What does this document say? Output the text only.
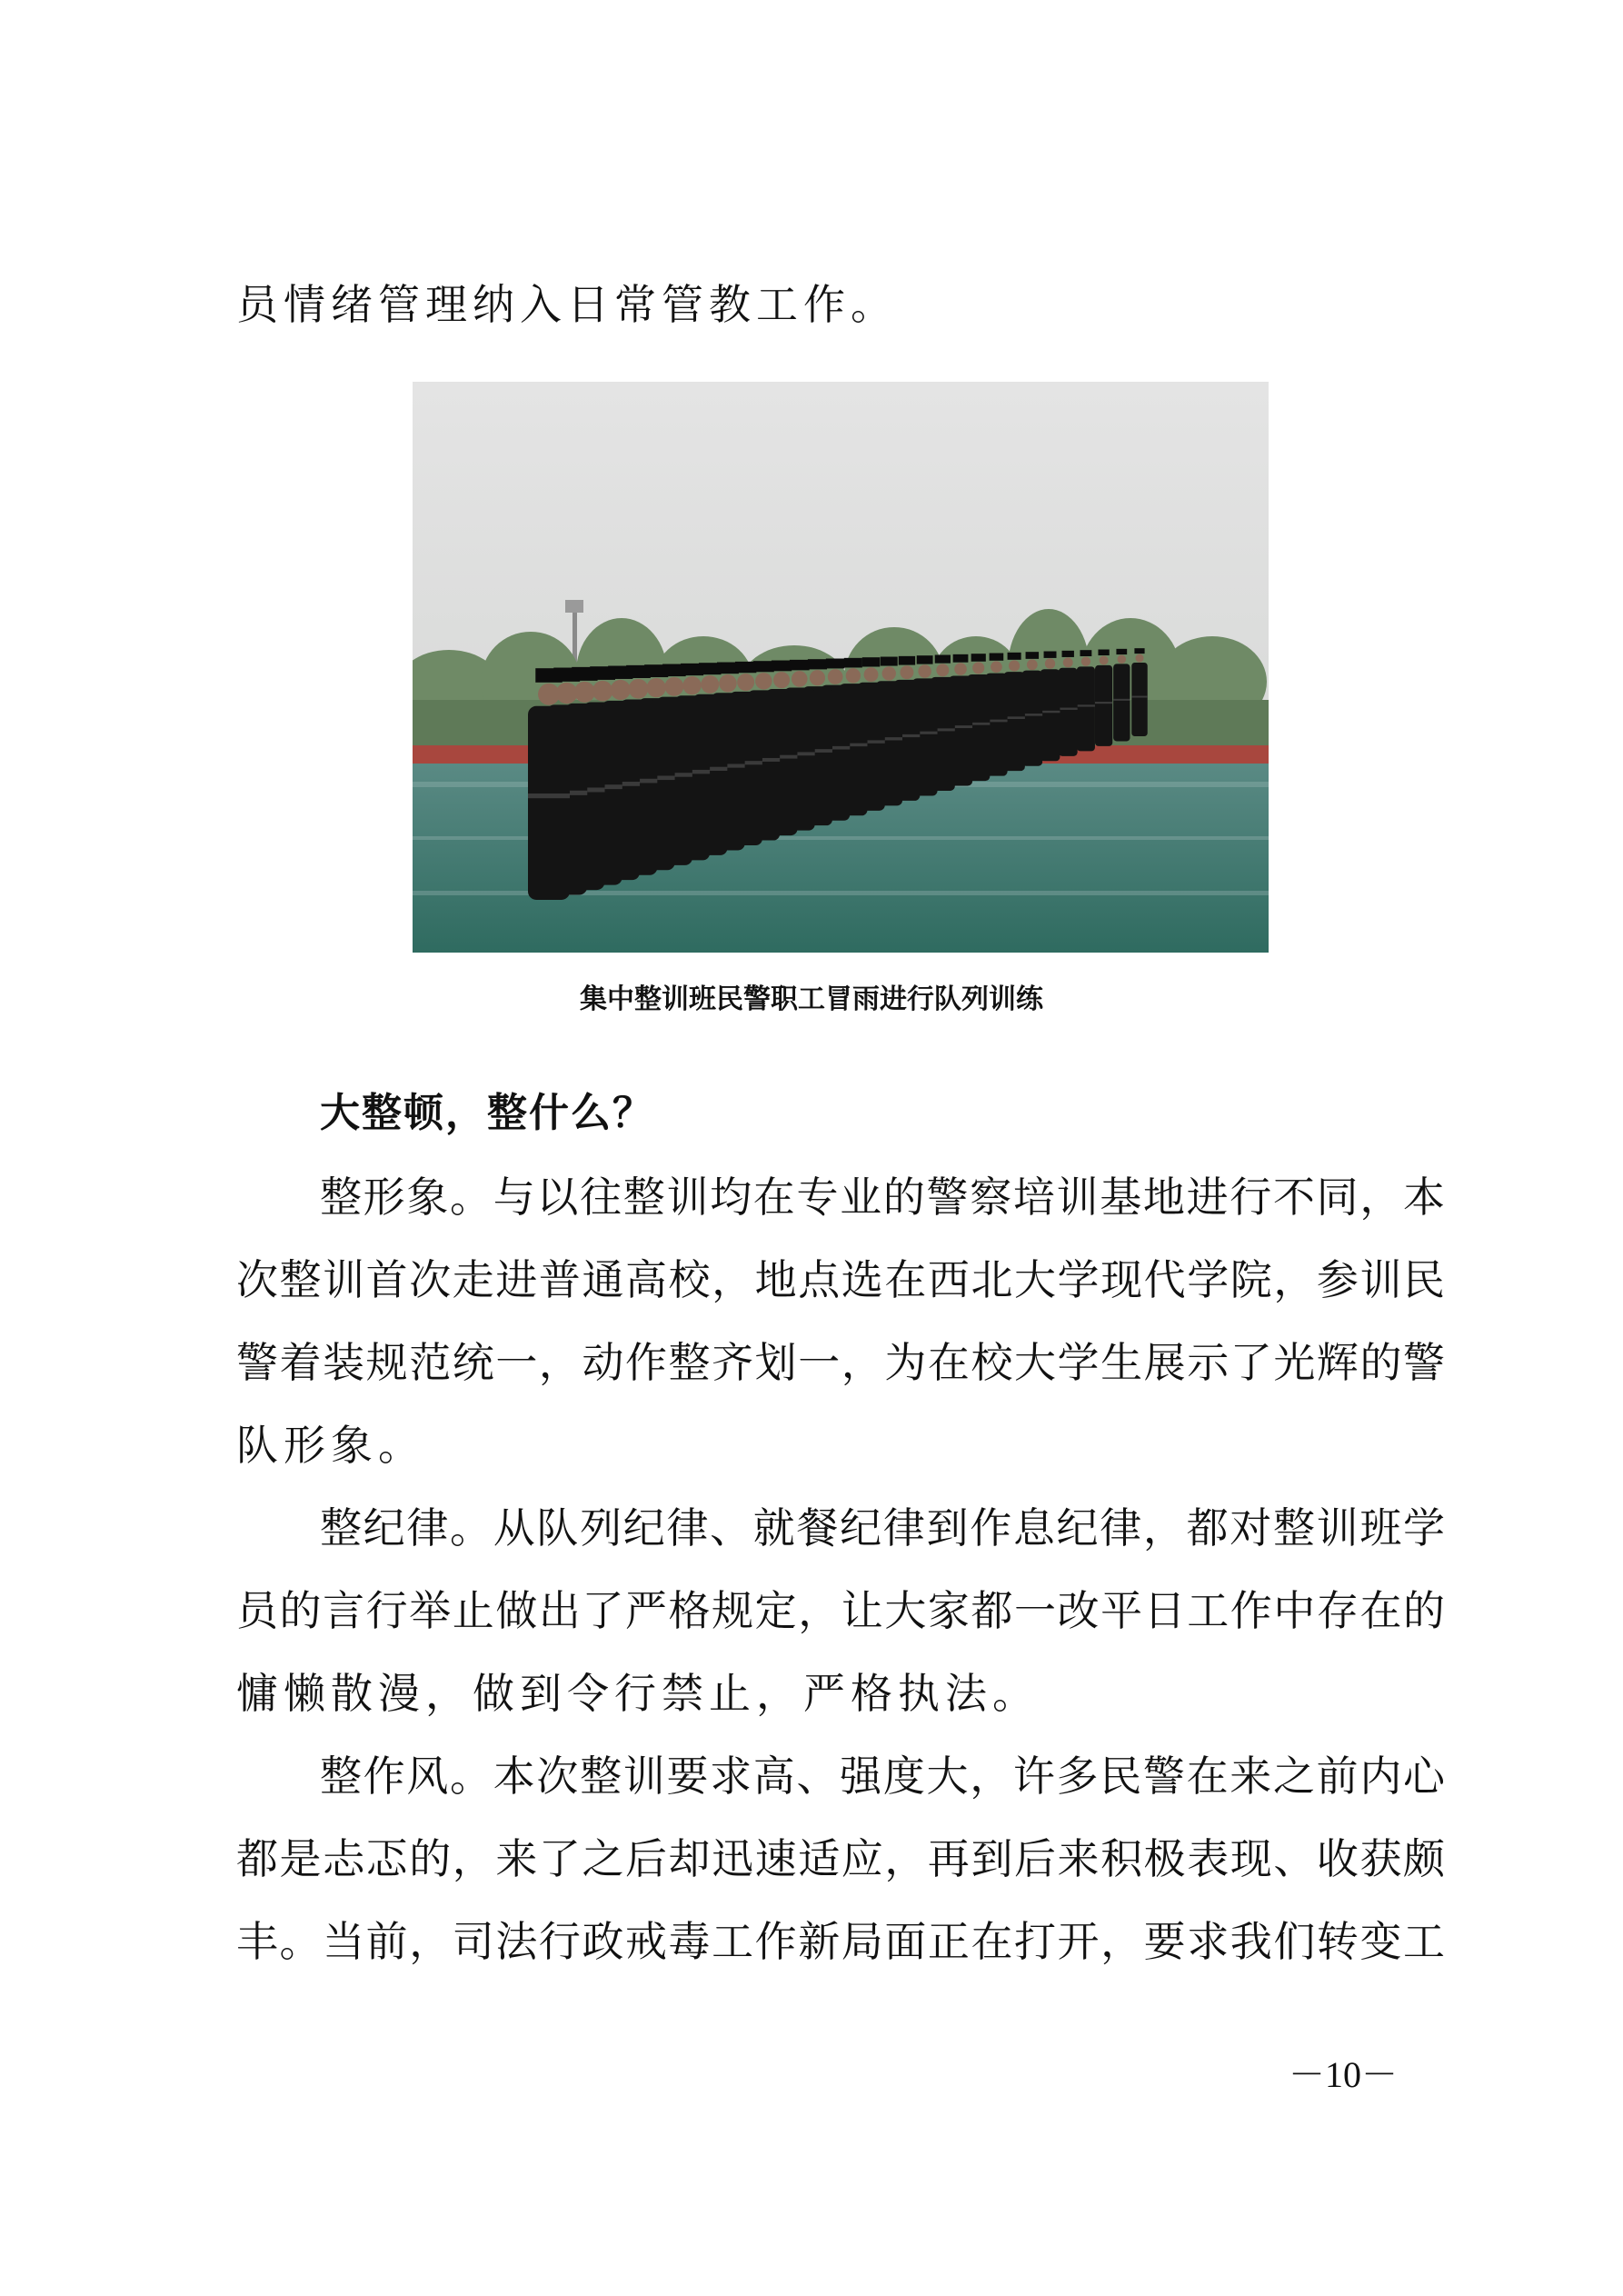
员情绪管理纳入日常管教工作。

集中整训班民警职工冒雨进行队列训练

大整顿，整什么？

整形象。与以往整训均在专业的警察培训基地进行不同，本

次整训首次走进普通高校，地点选在西北大学现代学院，参训民

警着装规范统一，动作整齐划一，为在校大学生展示了光辉的警

队形象。

整纪律。从队列纪律、就餐纪律到作息纪律，都对整训班学

员的言行举止做出了严格规定，让大家都一改平日工作中存在的

慵懒散漫，做到令行禁止，严格执法。

整作风。本次整训要求高、强度大，许多民警在来之前内心

都是忐忑的，来了之后却迅速适应，再到后来积极表现、收获颇

丰。当前，司法行政戒毒工作新局面正在打开，要求我们转变工

－10－
